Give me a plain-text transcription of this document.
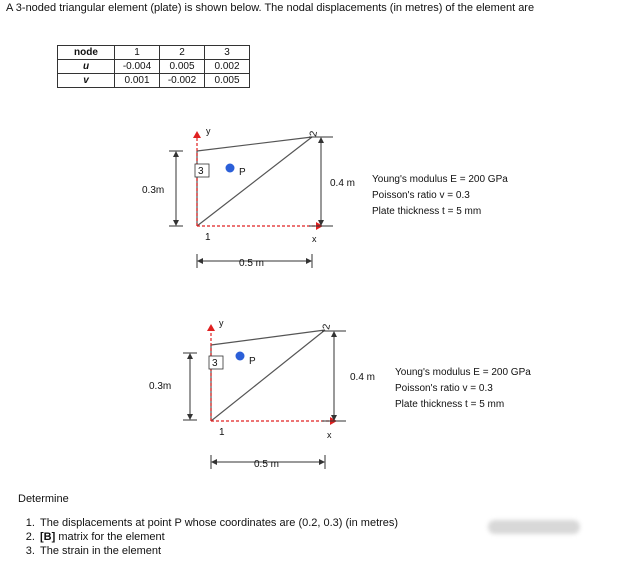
A 3-noded triangular element (plate) is shown below. The nodal displacements (in metres) of the element are
node	1	2	3
u	-0.004	0.005	0.002
v	0.001	-0.002	0.005
y
x
3
1
2
P
0.3m
0.4 m
0.5 m
Young's modulus E = 200 GPa
Poisson's ratio v = 0.3
Plate thickness t = 5 mm
y
x
3
1
2
P
0.3m
0.4 m
0.5 m
Young's modulus E = 200 GPa
Poisson's ratio v = 0.3
Plate thickness t = 5 mm
Determine
1. The displacements at point P whose coordinates are (0.2, 0.3) (in metres)
2. [B] matrix for the element
3. The strain in the element
